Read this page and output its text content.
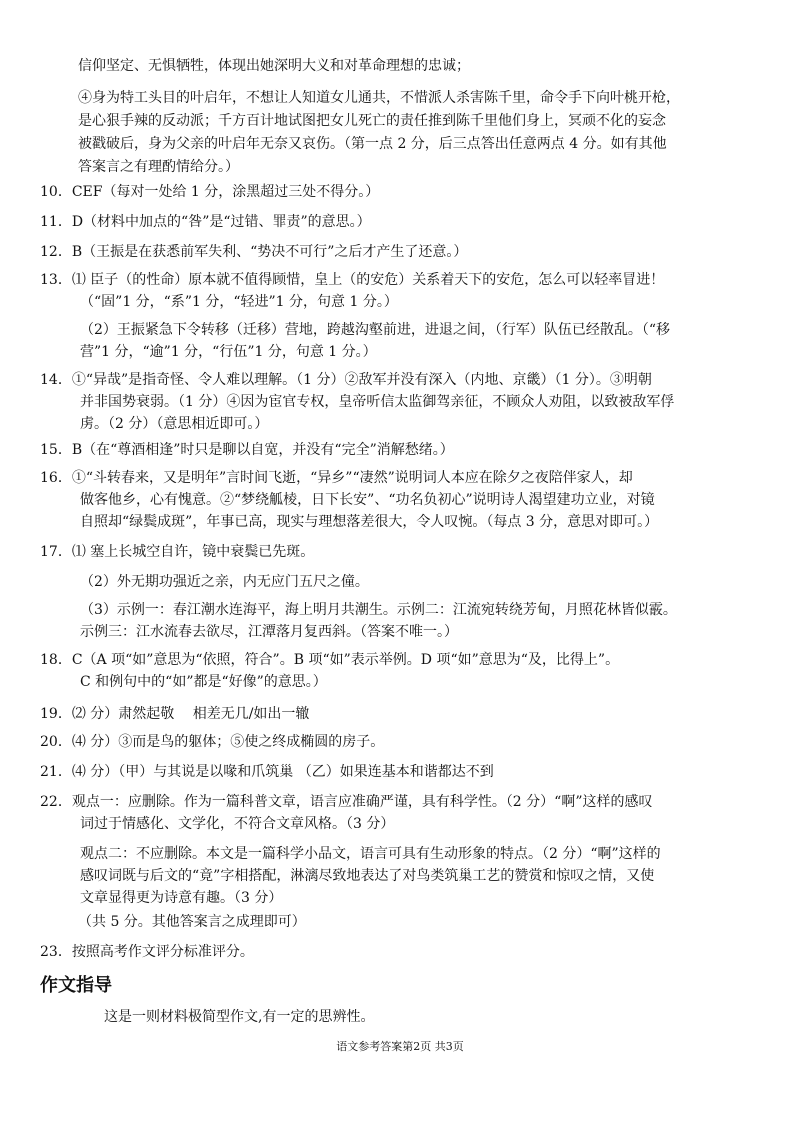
信仰坚定、无惧牺牲，体现出她深明大义和对革命理想的忠诚；
④身为特工头目的叶启年，不想让人知道女儿通共，不惜派人杀害陈千里，命令手下向叶桃开枪，
是心狠手辣的反动派；千方百计地试图把女儿死亡的责任推到陈千里他们身上，冥顽不化的妄念
被戳破后，身为父亲的叶启年无奈又哀伤。（第一点 2 分，后三点答出任意两点 4 分。如有其他
答案言之有理酌情给分。）
10．CEF（每对一处给 1 分，涂黑超过三处不得分。）
11．D（材料中加点的“咎”是“过错、罪责”的意思。）
12．B（王振是在获悉前军失利、“势决不可行”之后才产生了还意。）
13．⑴ 臣子（的性命）原本就不值得顾惜，皇上（的安危）关系着天下的安危，怎么可以轻率冒进！
（“固”1 分，“系”1 分，“轻进”1 分，句意 1 分。）
（2）王振紧急下令转移（迁移）营地，跨越沟壑前进，进退之间，（行军）队伍已经散乱。（“移
营”1 分，“逾”1 分，“行伍”1 分，句意 1 分。）
14．①“异哉”是指奇怪、令人难以理解。（1 分）②敌军并没有深入（内地、京畿）（1 分）。③明朝
并非国势衰弱。（1 分）④因为宦官专权，皇帝听信太监御驾亲征，不顾众人劝阻，以致被敌军俘
虏。（2 分）（意思相近即可。）
15．B（在“尊酒相逢”时只是聊以自宽，并没有“完全”消解愁绪。）
16．①“斗转春来，又是明年”言时间飞逝，“异乡”“凄然”说明词人本应在除夕之夜陪伴家人，却
做客他乡，心有愧意。②“梦绕觚棱，日下长安”、“功名负初心”说明诗人渴望建功立业，对镜
自照却“绿鬓成斑”，年事已高，现实与理想落差很大，令人叹惋。（每点 3 分，意思对即可。）
17．⑴ 塞上长城空自许，镜中衰鬓已先斑。
（2）外无期功强近之亲，内无应门五尺之僮。
（3）示例一：春江潮水连海平，海上明月共潮生。示例二：江流宛转绕芳甸，月照花林皆似霰。
示例三：江水流春去欲尽，江潭落月复西斜。（答案不唯一。）
18．C（A 项“如”意思为“依照，符合”。B 项“如”表示举例。D 项“如”意思为“及，比得上”。
C 和例句中的“如”都是“好像”的意思。）
19．⑵ 分）肃然起敬　 相差无几/如出一辙
20．⑷ 分）③而是鸟的躯体；⑤使之终成椭圆的房子。
21．⑷ 分）（甲）与其说是以喙和爪筑巢 （乙）如果连基本和谐都达不到
22．观点一：应删除。作为一篇科普文章，语言应准确严谨，具有科学性。（2 分）“啊”这样的感叹
词过于情感化、文学化，不符合文章风格。（3 分）
观点二：不应删除。本文是一篇科学小品文，语言可具有生动形象的特点。（2 分）“啊”这样的
感叹词既与后文的“竟”字相搭配，淋漓尽致地表达了对鸟类筑巢工艺的赞赏和惊叹之情，又使
文章显得更为诗意有趣。（3 分）
（共 5 分。其他答案言之成理即可）
23．按照高考作文评分标准评分。
作文指导
这是一则材料极简型作文,有一定的思辨性。
语文参考答案第2页 共3页
